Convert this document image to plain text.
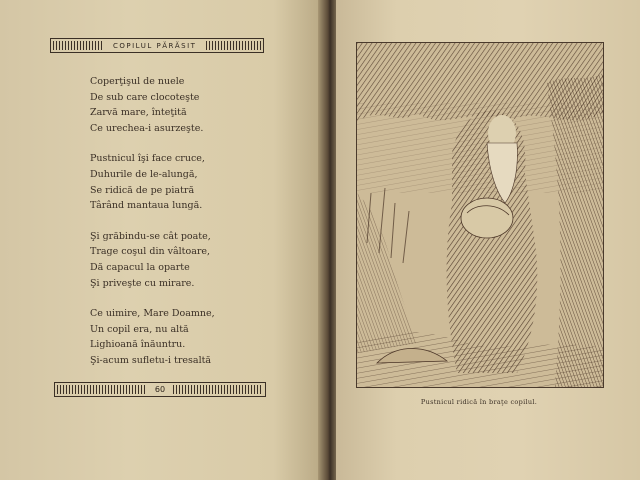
COPILUL PĂRĂSIT
Coperţişul de nuele
De sub care clocoteşte
Zarvă mare, înteţită
Ce urechea-i asurzeşte.
Pustnicul îşi face cruce,
Duhurile de le-alungă,
Se ridică de pe piatră
Târând mantaua lungă.
Şi grăbindu-se cât poate,
Trage coşul din vâltoare,
Dă capacul la oparte
Şi priveşte cu mirare.
Ce uimire, Mare Doamne,
Un copil era, nu altă
Lighioană înăuntru.
Şi-acum sufletu-i tresaltă
60
Pustnicul ridică în braţe copilul.
